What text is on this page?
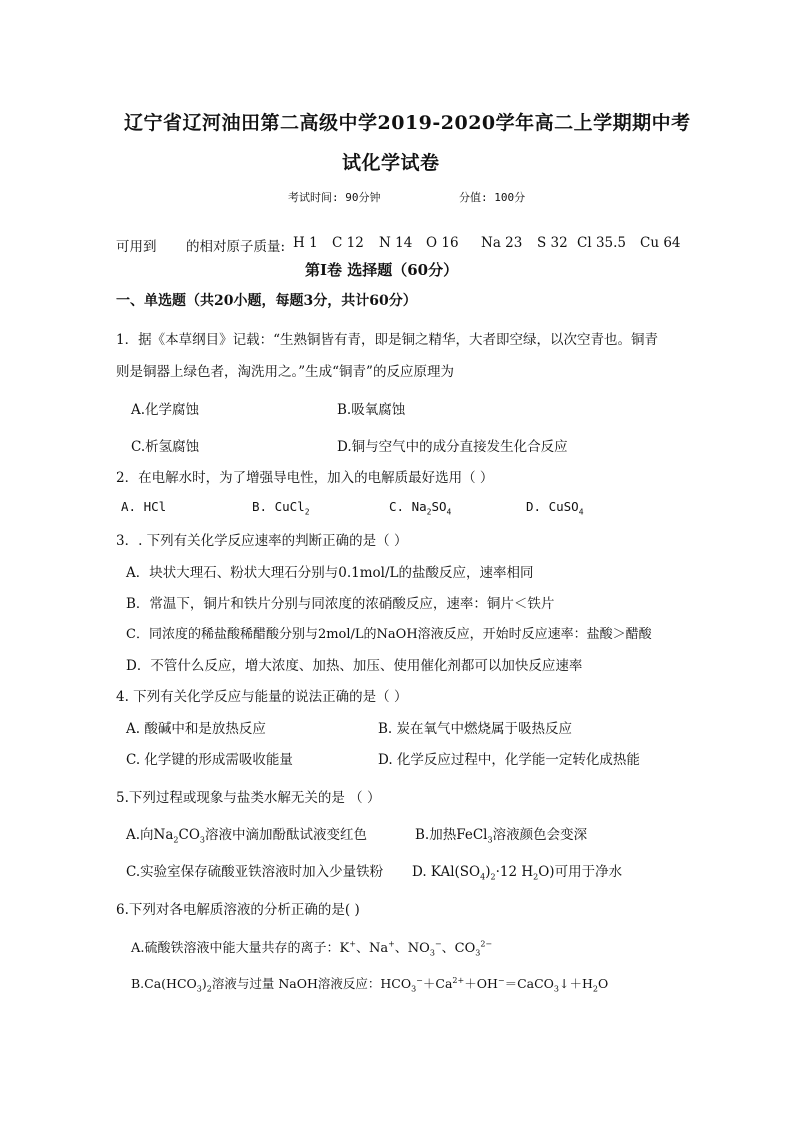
辽宁省辽河油田第二高级中学2019-2020学年高二上学期期中考
试化学试卷
考试时间: 90分钟	分值: 100分
可用到 的相对原子质量: H 1 C 12 N 14 O 16 Na 23 S 32 Cl 35.5 Cu 64
第Ⅰ卷 选择题（60分）
一、单选题（共20小题，每题3分，共计60分）
1．据《本草纲目》记载：“生熟铜皆有青，即是铜之精华，大者即空绿，以次空青也。铜青
则是铜器上绿色者，淘洗用之。”生成“铜青”的反应原理为
A.化学腐蚀	B.吸氧腐蚀
C.析氢腐蚀	D.铜与空气中的成分直接发生化合反应
2．在电解水时，为了增强导电性，加入的电解质最好选用（ ）
A. HCl	B. CuCl$_2$	C. $Na_2SO_4$	D. CuSO$_4$
3．. 下列有关化学反应速率的判断正确的是（ ）
A．块状大理石、粉状大理石分别与0.1mol/L的盐酸反应，速率相同
B．常温下，铜片和铁片分别与同浓度的浓硝酸反应，速率：铜片＜铁片
C．同浓度的稀盐酸稀醋酸分别与2mol/L的NaOH溶液反应，开始时反应速率：盐酸＞醋酸
D．不管什么反应，增大浓度、加热、加压、使用催化剂都可以加快反应速率
4. 下列有关化学反应与能量的说法正确的是（ ）
A. 酸碱中和是放热反应	B. 炭在氧气中燃烧属于吸热反应
C. 化学键的形成需吸收能量	D. 化学反应过程中，化学能一定转化成热能
5.下列过程或现象与盐类水解无关的是 （ ）
A.向$Na_2CO_3$溶液中滴加酚酞试液变红色	B.加热FeCl$_3$溶液颜色会变深
C.实验室保存硫酸亚铁溶液时加入少量铁粉 D. $KAl(SO_4)_2\cdot 12$ $H_2O$)可用于净水
6.下列对各电解质溶液的分析正确的是( )
A.硫酸铁溶液中能大量共存的离子：K+、Na+、$NO_3^-$、$CO_3^{2-}$
$B.Ca(HCO_3)_2$溶液与过量 NaOH溶液反应：$HCO_3^-+Ca^{2+}+OH^-=CaCO_3↓+H_2O$
